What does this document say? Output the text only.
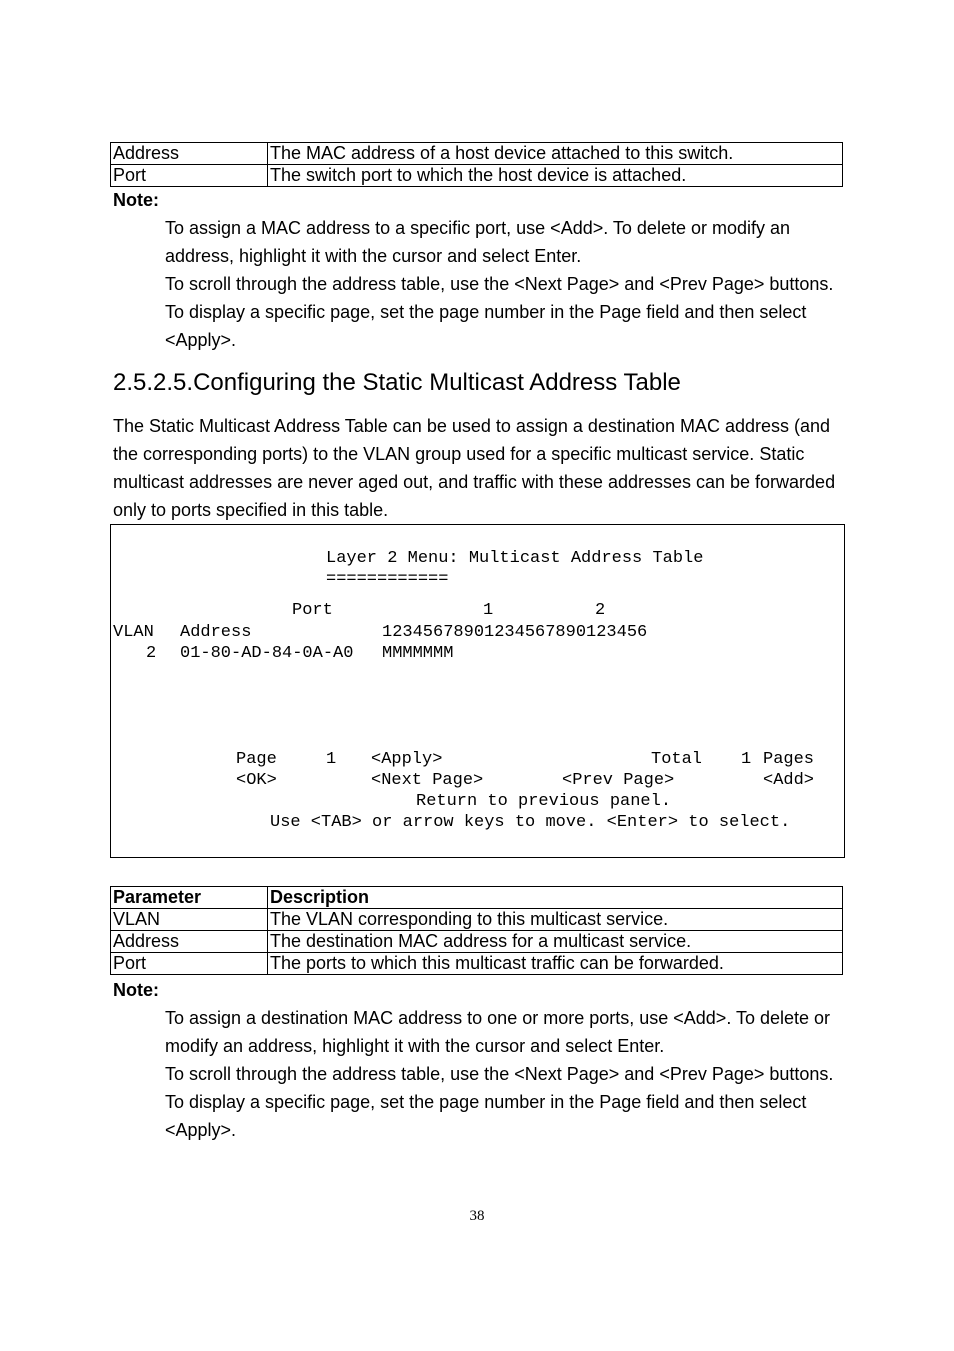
Address	The MAC address of a host device attached to this switch.
Port	The switch port to which the host device is attached.
Note:

To assign a MAC address to a specific port, use <Add>. To delete or modify an address, highlight it with the cursor and select Enter.

To scroll through the address table, use the <Next Page> and <Prev Page> buttons. To display a specific page, set the page number in the Page field and then select <Apply>.

2.5.2.5.Configuring the Static Multicast Address Table

The Static Multicast Address Table can be used to assign a destination MAC address (and the corresponding ports) to the VLAN group used for a specific multicast service. Static multicast addresses are never aged out, and traffic with these addresses can be forwarded only to ports specified in this table.

Layer 2 Menu: Multicast Address Table
============
Port	1	2
VLAN Address	12345678901234567890123456
2 01-80-AD-84-0A-A0 MMMMMMM
Page	1 <Apply>	Total 1 Pages
<OK>	<Next Page>	<Prev Page>	<Add>
Return to previous panel.
Use <TAB> or arrow keys to move. <Enter> to select.
Parameter	Description
VLAN	The VLAN corresponding to this multicast service.
Address	The destination MAC address for a multicast service.
Port	The ports to which this multicast traffic can be forwarded.
Note:

To assign a destination MAC address to one or more ports, use <Add>. To delete or modify an address, highlight it with the cursor and select Enter.

To scroll through the address table, use the <Next Page> and <Prev Page> buttons. To display a specific page, set the page number in the Page field and then select <Apply>.

38
